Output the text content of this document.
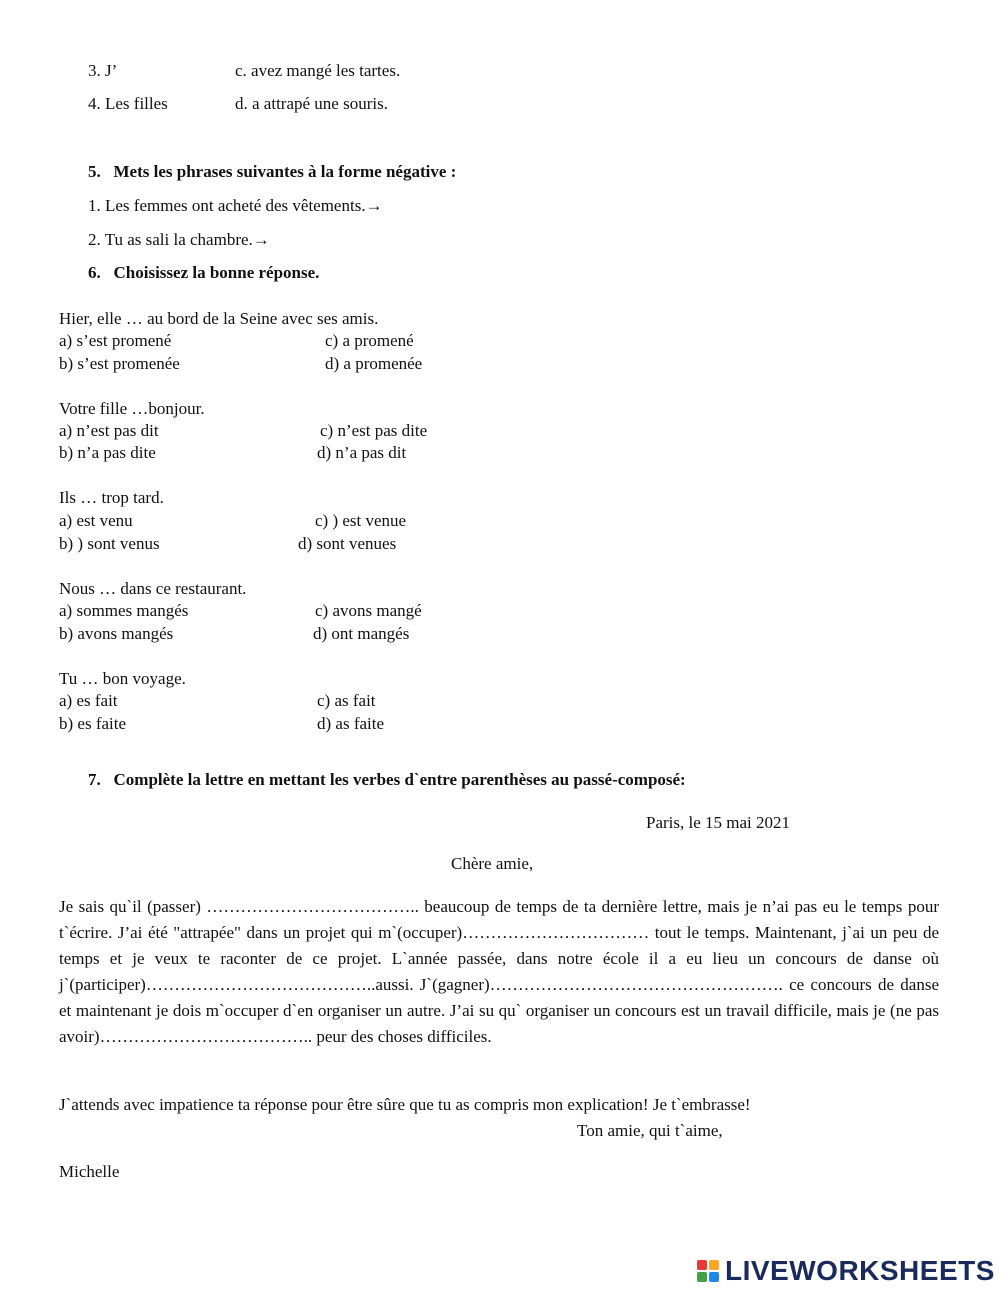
3. J’	c. avez mangé les tartes.
4. Les filles	d. a attrapé une souris.
5.   Mets les phrases suivantes à la forme négative :
1. Les femmes ont acheté des vêtements.→
2. Tu as sali la chambre.→
6.   Choisissez la bonne réponse.
Hier, elle … au bord de la Seine avec ses amis.
a) s’est promené	c) a promené
b) s’est promenée	d) a promenée
Votre fille …bonjour.
a) n’est pas dit	c) n’est pas dite
b) n’a pas dite	d) n’a pas dit
Ils … trop tard.
a) est venu	c) ) est venue
b) ) sont venus	d) sont venues
Nous … dans ce restaurant.
a) sommes mangés	c) avons mangé
b) avons mangés	d) ont mangés
Tu … bon voyage.
a) es fait	c) as fait
b) es faite	d) as faite
7.   Complète la lettre en mettant les verbes d`entre parenthèses au passé-composé:
Paris, le 15 mai 2021
Chère amie,
Je sais qu`il (passer) ……………………………….. beaucoup de temps de ta dernière lettre, mais je n’ai pas eu le temps pour t`écrire. J’ai été "attrapée" dans un projet qui m`(occuper)…………………………… tout le temps. Maintenant, j`ai un peu de temps et je veux te raconter de ce projet. L`année passée, dans notre école il a eu lieu un concours de danse où j`(participer)…………………………………..aussi. J`(gagner)……………………………………………. ce concours de danse et maintenant je dois m`occuper d`en organiser un autre. J’ai su qu` organiser un concours est un travail difficile, mais je (ne pas avoir)……………………………….. peur des choses difficiles.
J`attends avec impatience ta réponse pour être sûre que tu as compris mon explication! Je t`embrasse!
Ton amie, qui t`aime,
Michelle
LIVEWORKSHEETS
